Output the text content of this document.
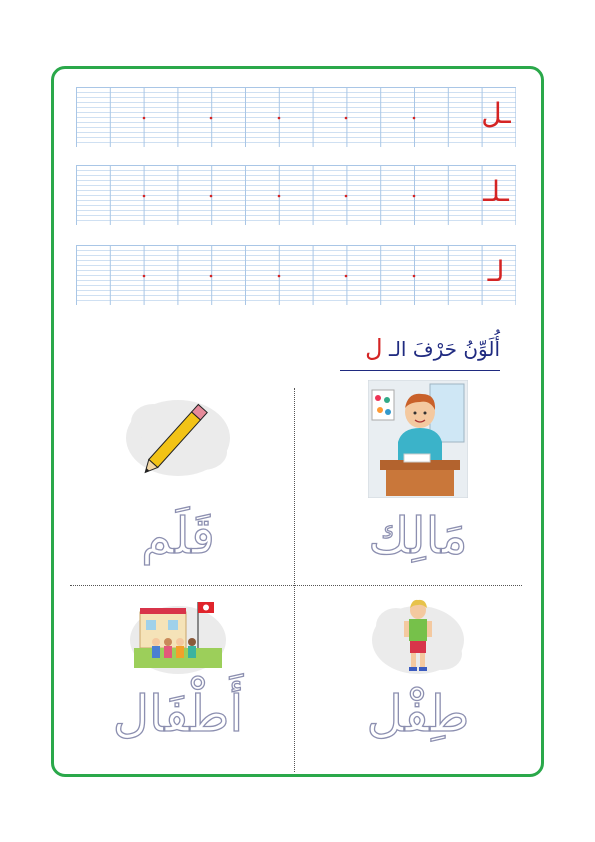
ـل
ـلـ
لـ
أُلَوِّنُ حَرْفَ الـ ل
مَالِك
قَلَم
طِفْل
أَطْفَال
